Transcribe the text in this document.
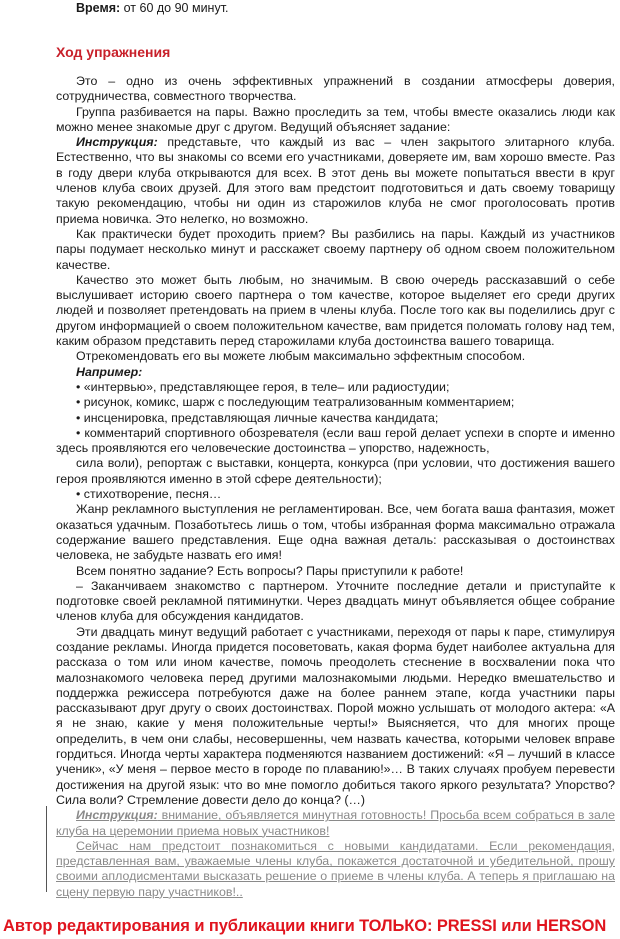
Время: от 60 до 90 минут.
Ход упражнения

Это – одно из очень эффективных упражнений в создании атмосферы доверия, сотрудничества, совместного творчества.

Группа разбивается на пары. Важно проследить за тем, чтобы вместе оказались люди как можно менее знакомые друг с другом. Ведущий объясняет задание:

Инструкция: представьте, что каждый из вас – член закрытого элитарного клуба. Естественно, что вы знакомы со всеми его участниками, доверяете им, вам хорошо вместе. Раз в году двери клуба открываются для всех. В этот день вы можете попытаться ввести в круг членов клуба своих друзей. Для этого вам предстоит подготовиться и дать своему товарищу такую рекомендацию, чтобы ни один из старожилов клуба не смог проголосовать против приема новичка. Это нелегко, но возможно.

Как практически будет проходить прием? Вы разбились на пары. Каждый из участников пары подумает несколько минут и расскажет своему партнеру об одном своем положительном качестве.

Качество это может быть любым, но значимым. В свою очередь рассказавший о себе выслушивает историю своего партнера о том качестве, которое выделяет его среди других людей и позволяет претендовать на прием в члены клуба. После того как вы поделились друг с другом информацией о своем положительном качестве, вам придется поломать голову над тем, каким образом представить перед старожилами клуба достоинства вашего товарища.

Отрекомендовать его вы можете любым максимально эффектным способом.

Например:

• «интервью», представляющее героя, в теле– или радиостудии;

• рисунок, комикс, шарж с последующим театрализованным комментарием;

• инсценировка, представляющая личные качества кандидата;

• комментарий спортивного обозревателя (если ваш герой делает успехи в спорте и именно здесь проявляются его человеческие достоинства – упорство, надежность,

сила воли), репортаж с выставки, концерта, конкурса (при условии, что достижения вашего героя проявляются именно в этой сфере деятельности);

• стихотворение, песня…

Жанр рекламного выступления не регламентирован. Все, чем богата ваша фантазия, может оказаться удачным. Позаботьтесь лишь о том, чтобы избранная форма максимально отражала содержание вашего представления. Еще одна важная деталь: рассказывая о достоинствах человека, не забудьте назвать его имя!

Всем понятно задание? Есть вопросы? Пары приступили к работе!

– Заканчиваем знакомство с партнером. Уточните последние детали и приступайте к подготовке своей рекламной пятиминутки. Через двадцать минут объявляется общее собрание членов клуба для обсуждения кандидатов.

Эти двадцать минут ведущий работает с участниками, переходя от пары к паре, стимулируя создание рекламы. Иногда придется посоветовать, какая форма будет наиболее актуальна для рассказа о том или ином качестве, помочь преодолеть стеснение в восхвалении пока что малознакомого человека перед другими малознакомыми людьми. Нередко вмешательство и поддержка режиссера потребуются даже на более раннем этапе, когда участники пары рассказывают друг другу о своих достоинствах. Порой можно услышать от молодого актера: «А я не знаю, какие у меня положительные черты!» Выясняется, что для многих проще определить, в чем они слабы, несовершенны, чем назвать качества, которыми человек вправе гордиться. Иногда черты характера подменяются названием достижений: «Я – лучший в классе ученик», «У меня – первое место в городе по плаванию!»… В таких случаях пробуем перевести достижения на другой язык: что во мне помогло добиться такого яркого результата? Упорство? Сила воли? Стремление довести дело до конца? (…)

Инструкция: внимание, объявляется минутная готовность! Просьба всем собраться в зале клуба на церемонии приема новых участников!

Сейчас нам предстоит познакомиться с новыми кандидатами. Если рекомендация, представленная вам, уважаемые члены клуба, покажется достаточной и убедительной, прошу своими аплодисментами высказать решение о приеме в члены клуба. А теперь я приглашаю на сцену первую пару участников!..

Автор редактирования и публикации книги ТОЛЬКО: PRESSI или HERSON
